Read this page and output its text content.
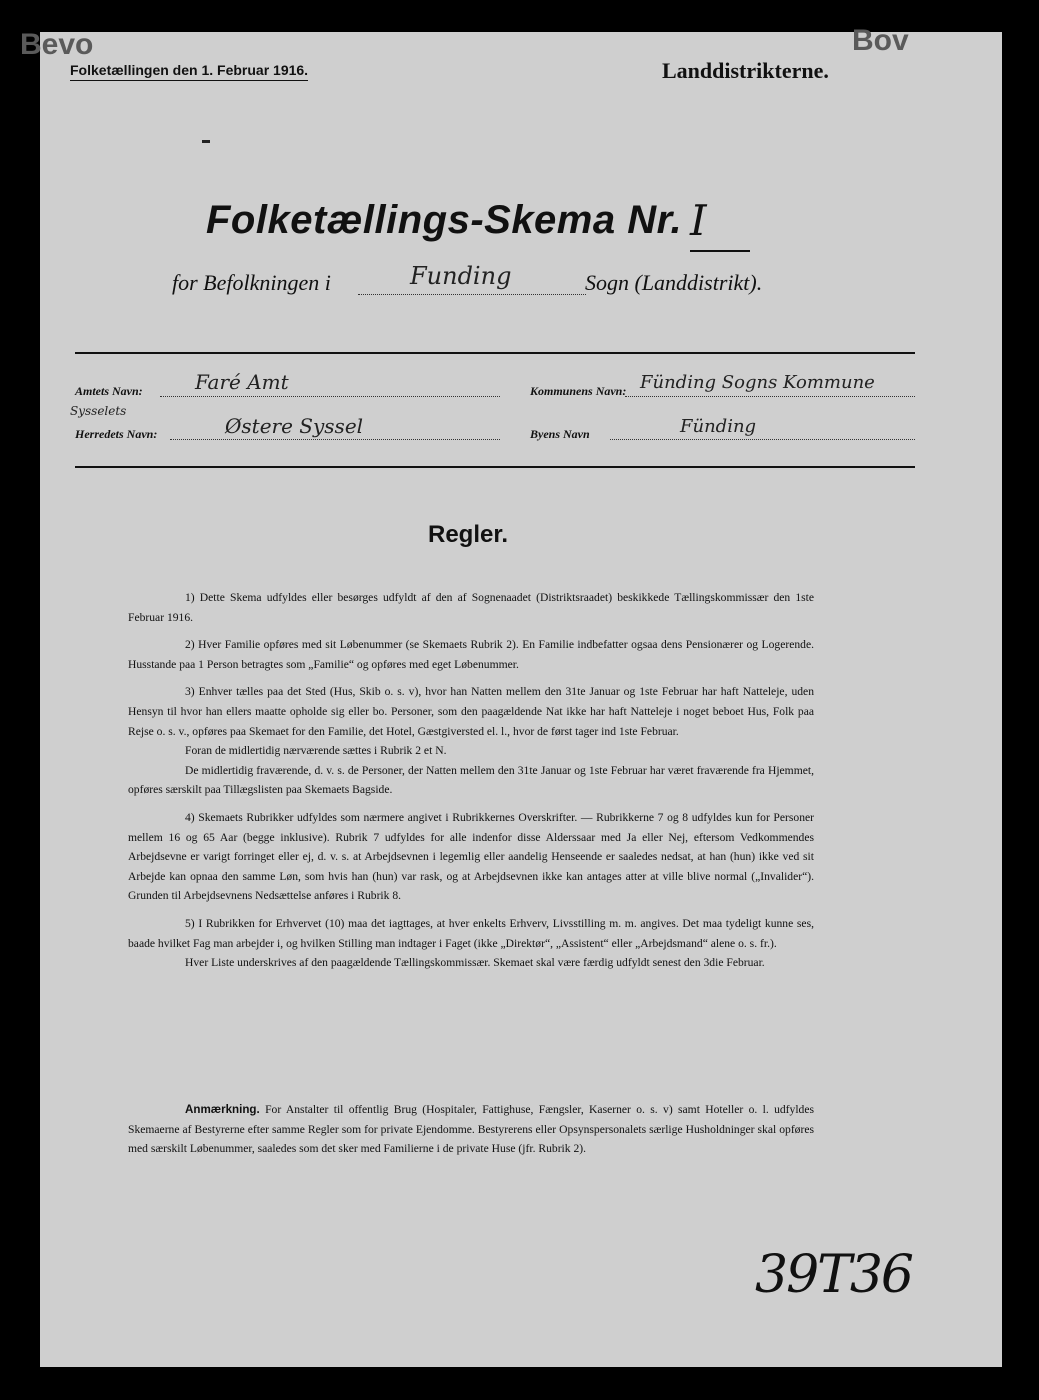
Bevo	Bov
Folketællingen den 1. Februar 1916.	Landdistrikterne.
Folketællings-Skema Nr. I
for Befolkningen i	Funding	Sogn (Landdistrikt).
Amtets Navn:	Faré Amt	Kommunens Navn: Fünding Sogns Kommune
Sysselets
Herredets Navn:	Østere Syssel	Byens Navn	Fünding
Regler.

1) Dette Skema udfyldes eller besørges udfyldt af den af Sognenaadet (Distriktsraadet) beskikkede Tællingskommissær den 1ste Februar 1916.

2) Hver Familie opføres med sit Løbenummer (se Skemaets Rubrik 2). En Familie indbefatter ogsaa dens Pensionærer og Logerende. Husstande paa 1 Person betragtes som „Familie“ og opføres med eget Løbenummer.

3) Enhver tælles paa det Sted (Hus, Skib o. s. v), hvor han Natten mellem den 31te Januar og 1ste Februar har haft Natteleje, uden Hensyn til hvor han ellers maatte opholde sig eller bo. Personer, som den paagældende Nat ikke har haft Natteleje i noget beboet Hus, Folk paa Rejse o. s. v., opføres paa Skemaet for den Familie, det Hotel, Gæstgiversted el. l., hvor de først tager ind 1ste Februar.

Foran de midlertidig nærværende sættes i Rubrik 2 et N.

De midlertidig fraværende, d. v. s. de Personer, der Natten mellem den 31te Januar og 1ste Februar har været fraværende fra Hjemmet, opføres særskilt paa Tillægslisten paa Skemaets Bagside.

4) Skemaets Rubrikker udfyldes som nærmere angivet i Rubrikkernes Overskrifter. — Rubrikkerne 7 og 8 udfyldes kun for Personer mellem 16 og 65 Aar (begge inklusive). Rubrik 7 udfyldes for alle indenfor disse Alderssaar med Ja eller Nej, eftersom Vedkommendes Arbejdsevne er varigt forringet eller ej, d. v. s. at Arbejdsevnen i legemlig eller aandelig Henseende er saaledes nedsat, at han (hun) ikke ved sit Arbejde kan opnaa den samme Løn, som hvis han (hun) var rask, og at Arbejdsevnen ikke kan antages atter at ville blive normal („Invalider“). Grunden til Arbejdsevnens Nedsættelse anføres i Rubrik 8.

5) I Rubrikken for Erhvervet (10) maa det iagttages, at hver enkelts Erhverv, Livsstilling m. m. angives. Det maa tydeligt kunne ses, baade hvilket Fag man arbejder i, og hvilken Stilling man indtager i Faget (ikke „Direktør“, „Assistent“ eller „Arbejdsmand“ alene o. s. fr.).

Hver Liste underskrives af den paagældende Tællingskommissær. Skemaet skal være færdig udfyldt senest den 3die Februar.

Anmærkning. For Anstalter til offentlig Brug (Hospitaler, Fattighuse, Fængsler, Kaserner o. s. v) samt Hoteller o. l. udfyldes Skemaerne af Bestyrerne efter samme Regler som for private Ejendomme. Bestyrerens eller Opsynspersonalets særlige Husholdninger skal opføres med særskilt Løbenummer, saaledes som det sker med Familierne i de private Huse (jfr. Rubrik 2).

39T36
